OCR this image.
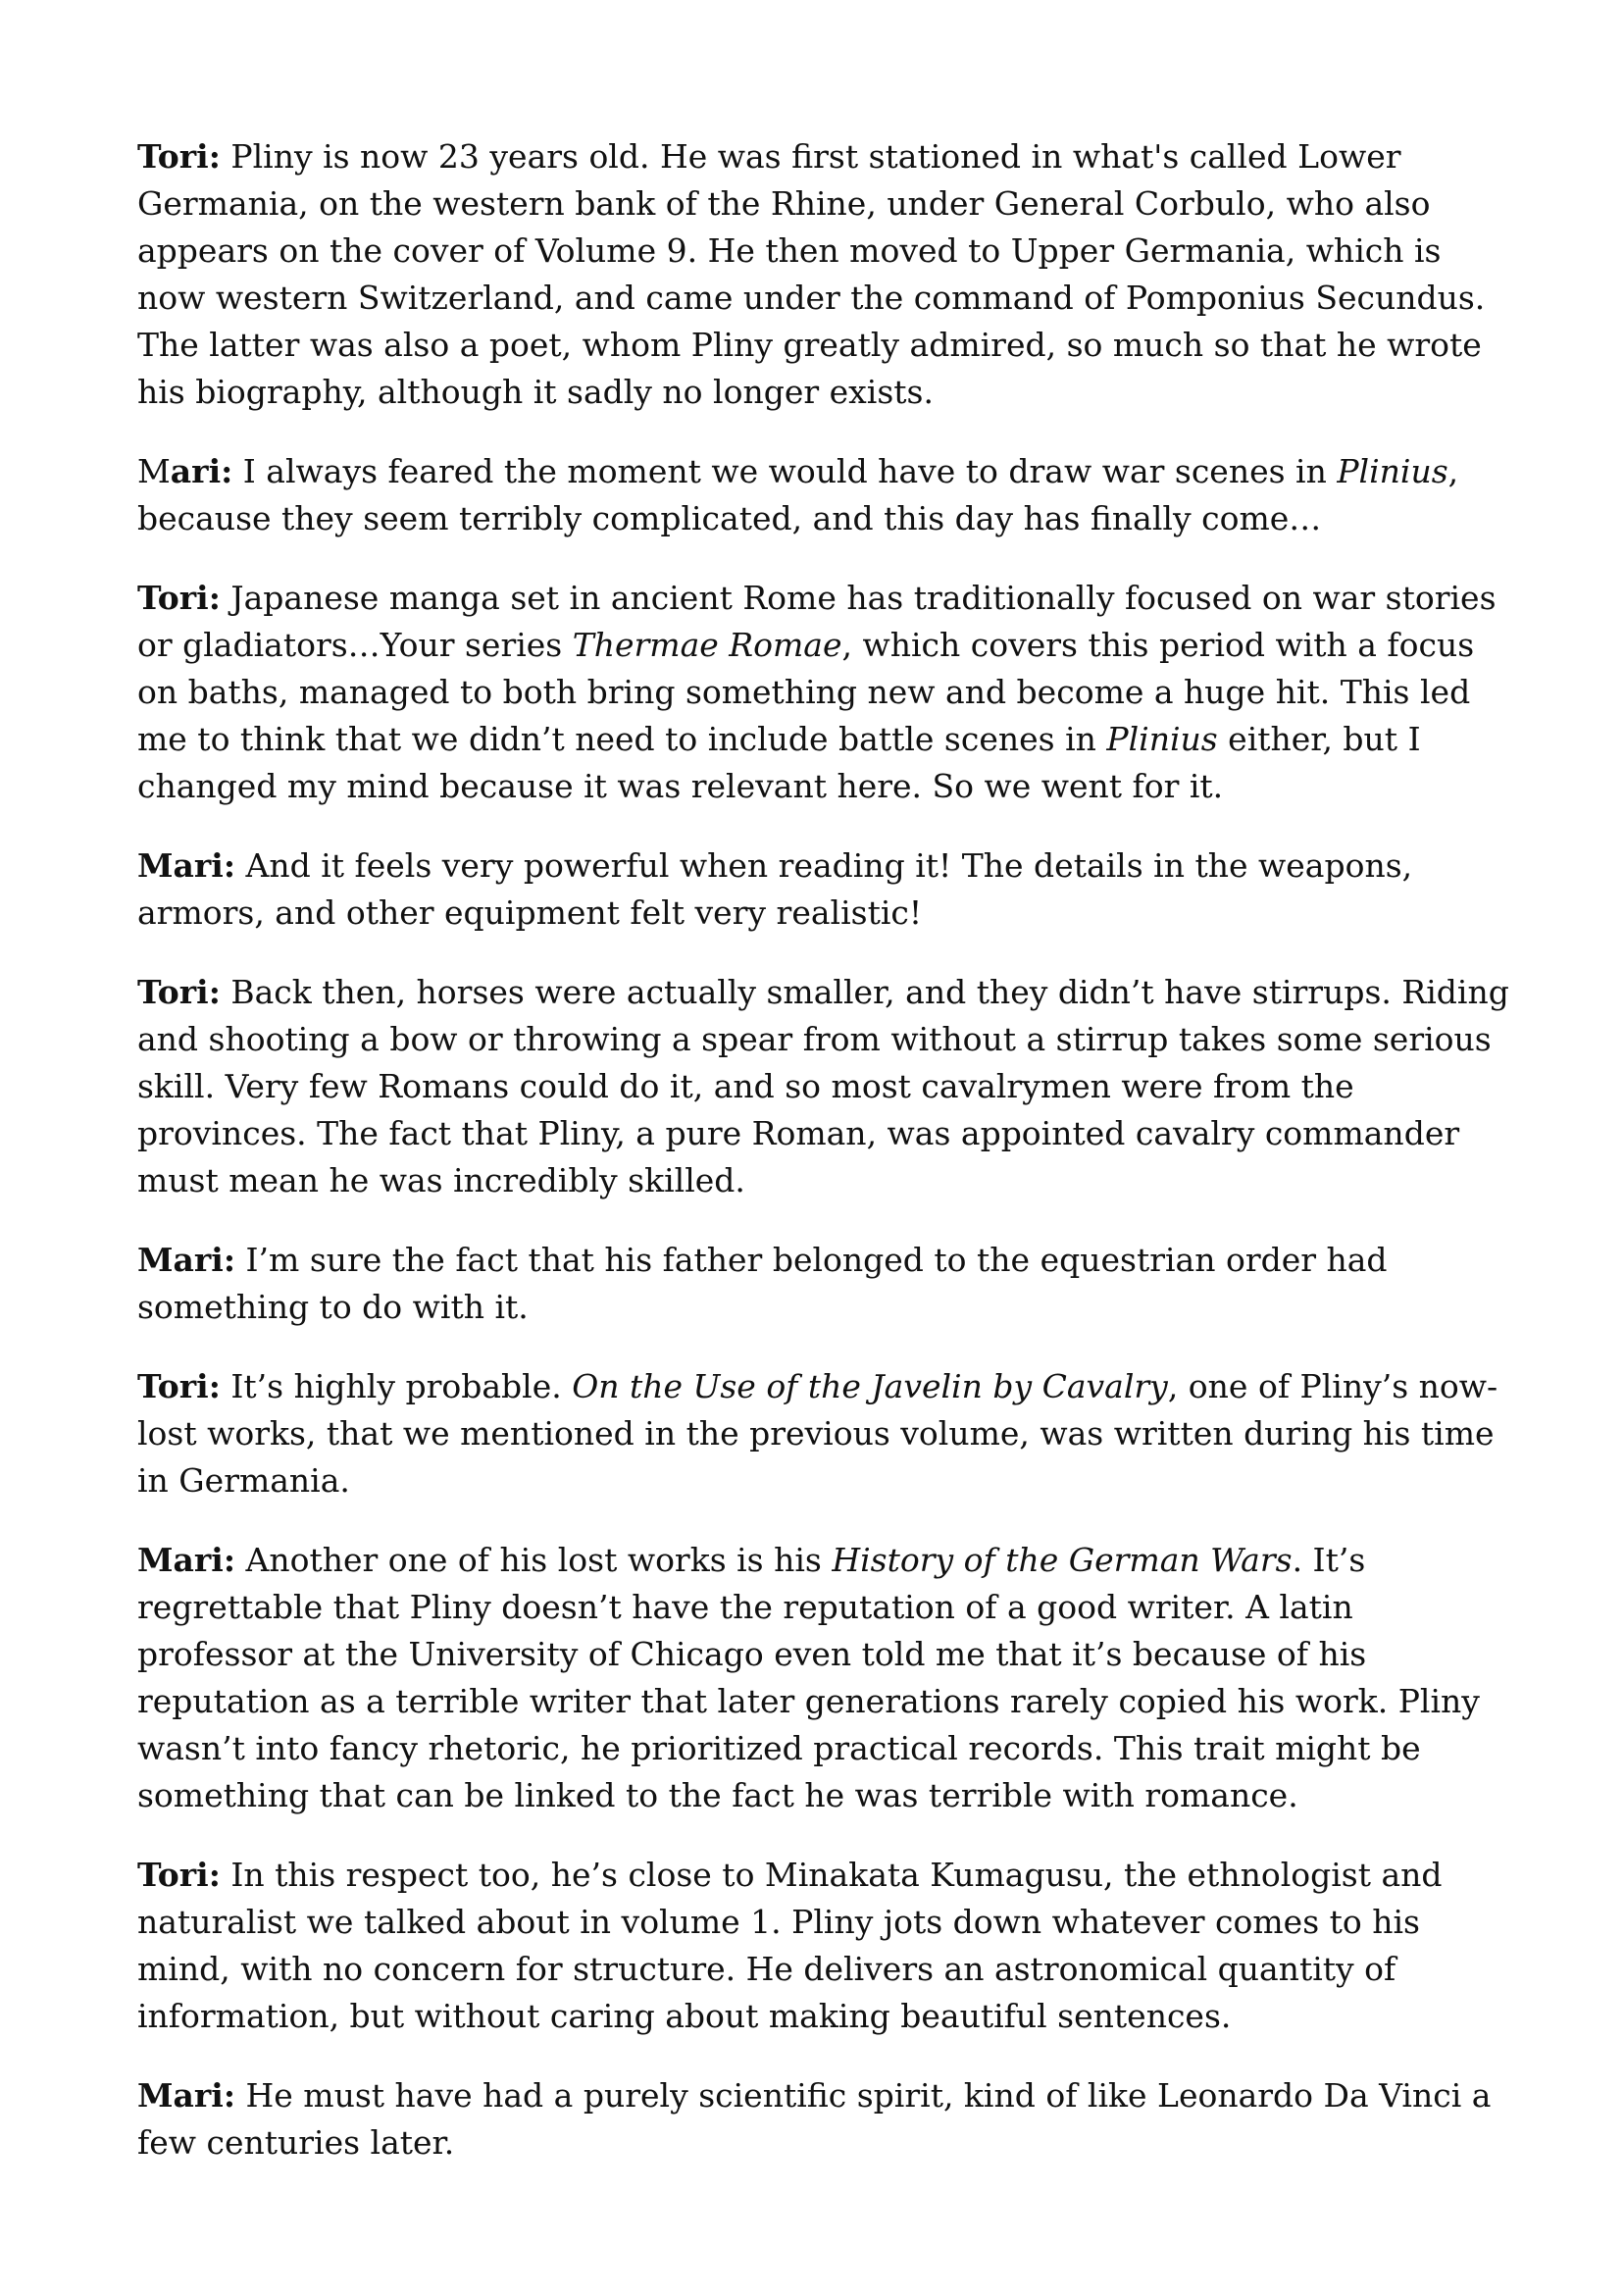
Tori: Pliny is now 23 years old. He was first stationed in what's called Lower Germania, on the western bank of the Rhine, under General Corbulo, who also appears on the cover of Volume 9. He then moved to Upper Germania, which is now western Switzerland, and came under the command of Pomponius Secundus. The latter was also a poet, whom Pliny greatly admired, so much so that he wrote his biography, although it sadly no longer exists.

Mari: I always feared the moment we would have to draw war scenes in Plinius, because they seem terribly complicated, and this day has finally come…

Tori: Japanese manga set in ancient Rome has traditionally focused on war stories or gladiators…Your series Thermae Romae, which covers this period with a focus on baths, managed to both bring something new and become a huge hit. This led me to think that we didn’t need to include battle scenes in Plinius either, but I changed my mind because it was relevant here. So we went for it.

Mari: And it feels very powerful when reading it! The details in the weapons, armors, and other equipment felt very realistic!

Tori: Back then, horses were actually smaller, and they didn’t have stirrups. Riding and shooting a bow or throwing a spear from without a stirrup takes some serious skill. Very few Romans could do it, and so most cavalrymen were from the provinces. The fact that Pliny, a pure Roman, was appointed cavalry commander must mean he was incredibly skilled.

Mari: I’m sure the fact that his father belonged to the equestrian order had something to do with it.

Tori: It’s highly probable. On the Use of the Javelin by Cavalry, one of Pliny’s now-lost works, that we mentioned in the previous volume, was written during his time in Germania.

Mari: Another one of his lost works is his History of the German Wars. It’s regrettable that Pliny doesn’t have the reputation of a good writer. A latin professor at the University of Chicago even told me that it’s because of his reputation as a terrible writer that later generations rarely copied his work. Pliny wasn’t into fancy rhetoric, he prioritized practical records. This trait might be something that can be linked to the fact he was terrible with romance.

Tori: In this respect too, he’s close to Minakata Kumagusu, the ethnologist and naturalist we talked about in volume 1. Pliny jots down whatever comes to his mind, with no concern for structure. He delivers an astronomical quantity of information, but without caring about making beautiful sentences.

Mari: He must have had a purely scientific spirit, kind of like Leonardo Da Vinci a few centuries later.
